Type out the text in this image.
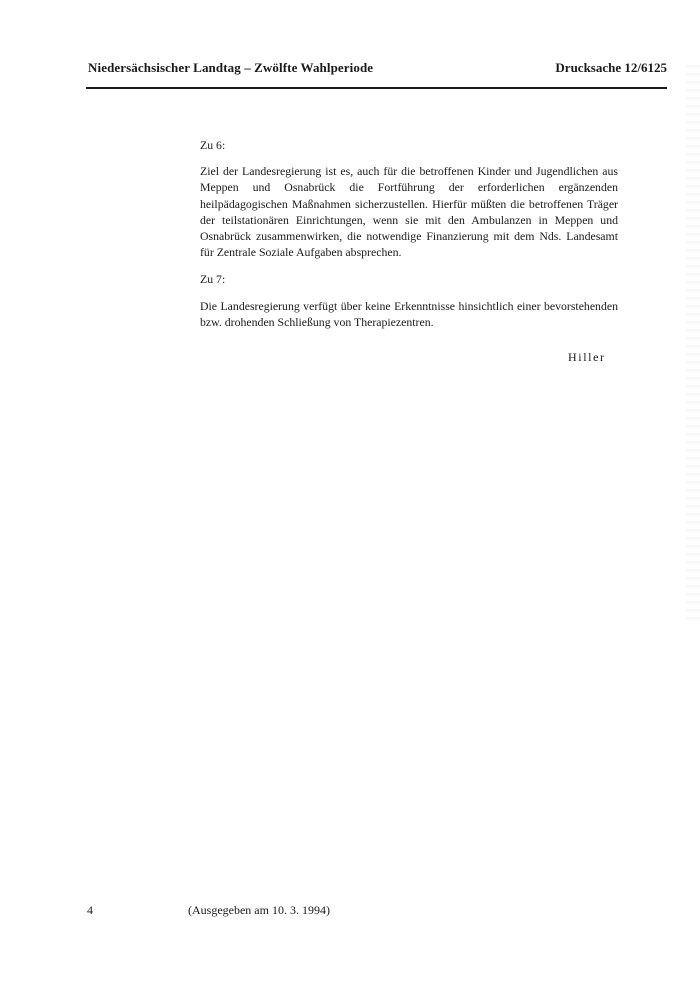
Niedersächsischer Landtag – Zwölfte Wahlperiode	Drucksache 12/6125

Zu 6:

Ziel der Landesregierung ist es, auch für die betroffenen Kinder und Jugendlichen aus Meppen und Osnabrück die Fortführung der erforderlichen ergänzenden heilpädagogischen Maßnahmen sicherzustellen. Hierfür müßten die betroffenen Träger der teilstationären Einrichtungen, wenn sie mit den Ambulanzen in Meppen und Osnabrück zusammenwirken, die notwendige Finanzierung mit dem Nds. Landesamt für Zentrale Soziale Aufgaben absprechen.

Zu 7:

Die Landesregierung verfügt über keine Erkenntnisse hinsichtlich einer bevorstehenden bzw. drohenden Schließung von Therapiezentren.

Hiller
4	(Ausgegeben am 10. 3. 1994)
